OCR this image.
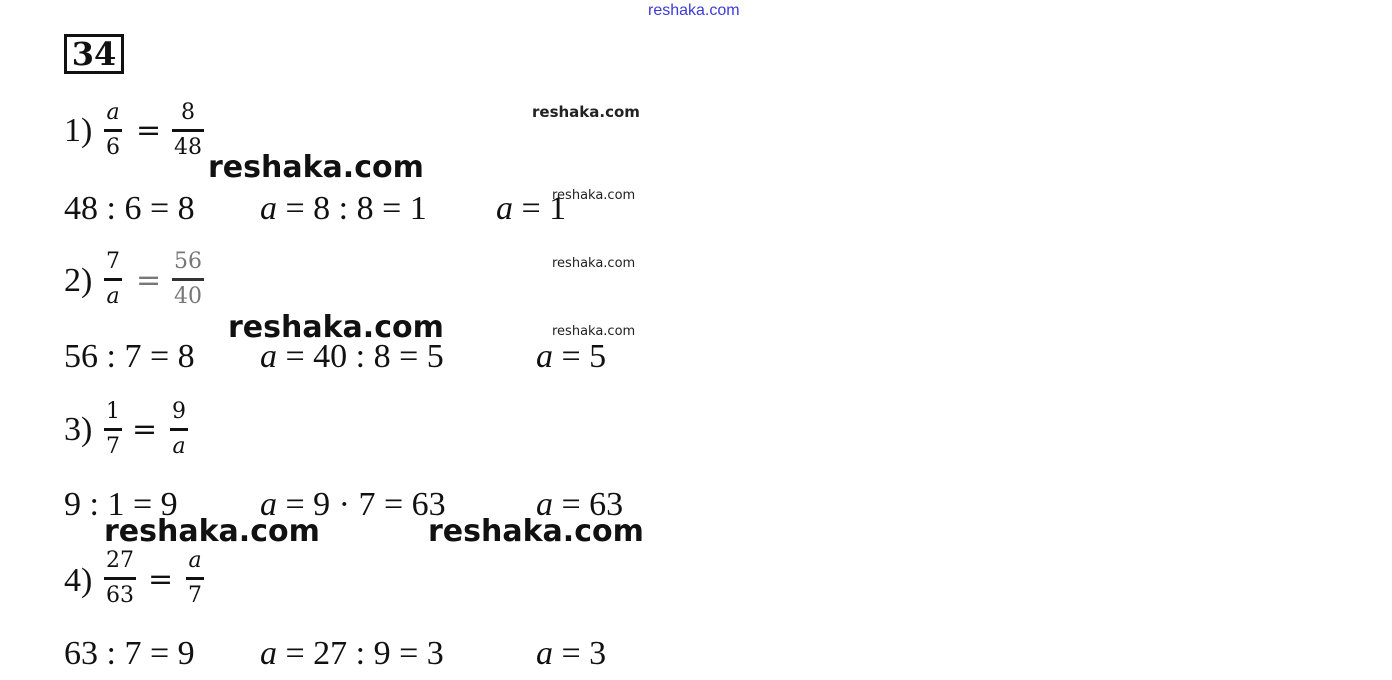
reshaka.com
34
1) a
6 =
8
48
48 : 6 = 8 a = 8 : 8 = 1 a = 1
2)
7
a =
56
40
56 : 7 = 8 a = 40 : 8 = 5	a = 5
3) 1
7 =
9
a
9 : 1 = 9 a = 9 · 7 = 63	a = 63
4)
27
63 =
a
7
63 : 7 = 9 a = 27 : 9 = 3	a = 3
reshaka.com
reshaka.com
reshaka.com
reshaka.com
reshaka.com	reshaka.com
reshaka.com	reshaka.com
